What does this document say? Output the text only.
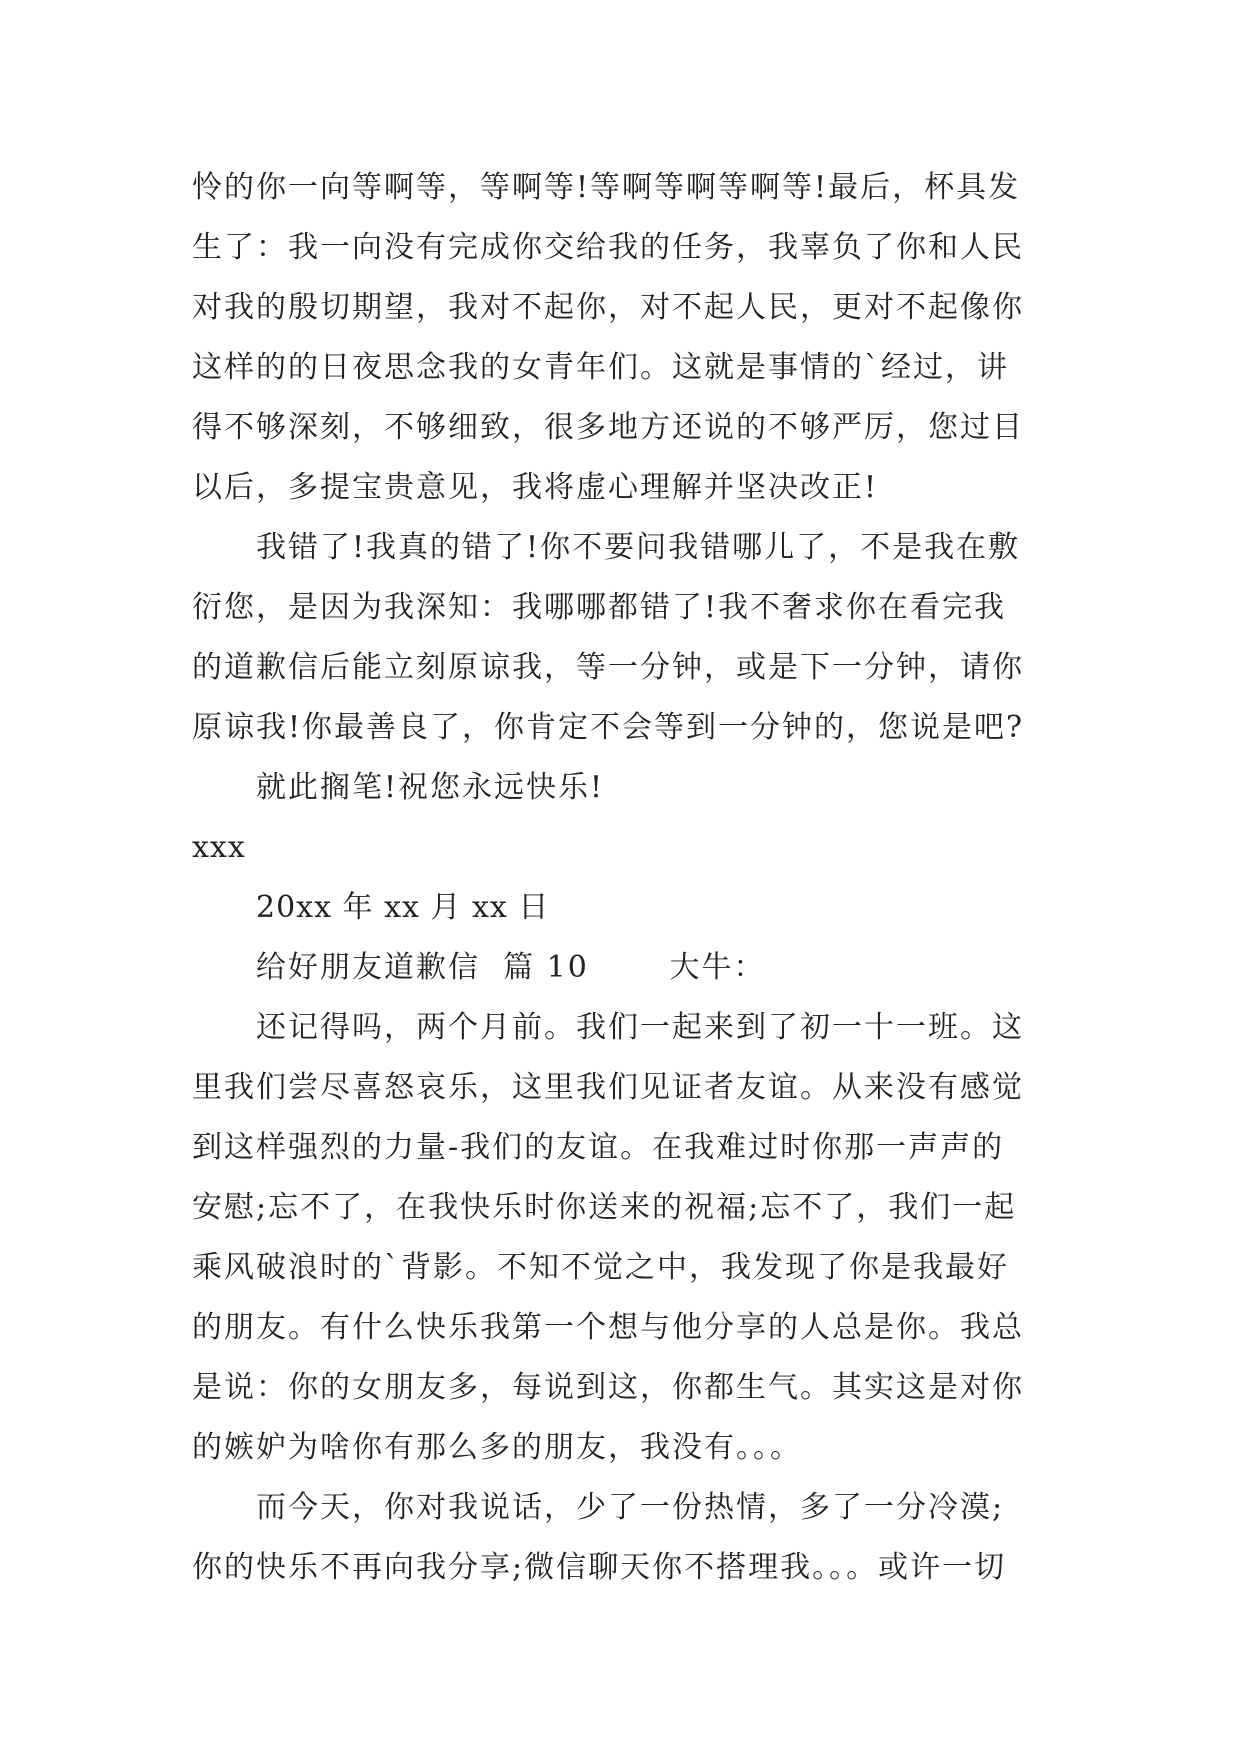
怜的你一向等啊等，等啊等!等啊等啊等啊等!最后，杯具发
生了：我一向没有完成你交给我的任务，我辜负了你和人民
对我的殷切期望，我对不起你，对不起人民，更对不起像你
这样的的日夜思念我的女青年们。这就是事情的`经过，讲
得不够深刻，不够细致，很多地方还说的不够严厉，您过目
以后，多提宝贵意见，我将虚心理解并坚决改正!
我错了!我真的错了!你不要问我错哪儿了，不是我在敷
衍您，是因为我深知：我哪哪都错了!我不奢求你在看完我
的道歉信后能立刻原谅我，等一分钟，或是下一分钟，请你
原谅我!你最善良了，你肯定不会等到一分钟的，您说是吧?
就此搁笔!祝您永远快乐!
xxx
20xx 年 xx 月 xx 日
给好朋友道歉信  篇 10       大牛：
还记得吗，两个月前。我们一起来到了初一十一班。这
里我们尝尽喜怒哀乐，这里我们见证者友谊。从来没有感觉
到这样强烈的力量-我们的友谊。在我难过时你那一声声的
安慰;忘不了，在我快乐时你送来的祝福;忘不了，我们一起
乘风破浪时的`背影。不知不觉之中，我发现了你是我最好
的朋友。有什么快乐我第一个想与他分享的人总是你。我总
是说：你的女朋友多，每说到这，你都生气。其实这是对你
的嫉妒为啥你有那么多的朋友，我没有。。。
而今天，你对我说话，少了一份热情，多了一分冷漠;
你的快乐不再向我分享;微信聊天你不搭理我。。。或许一切
